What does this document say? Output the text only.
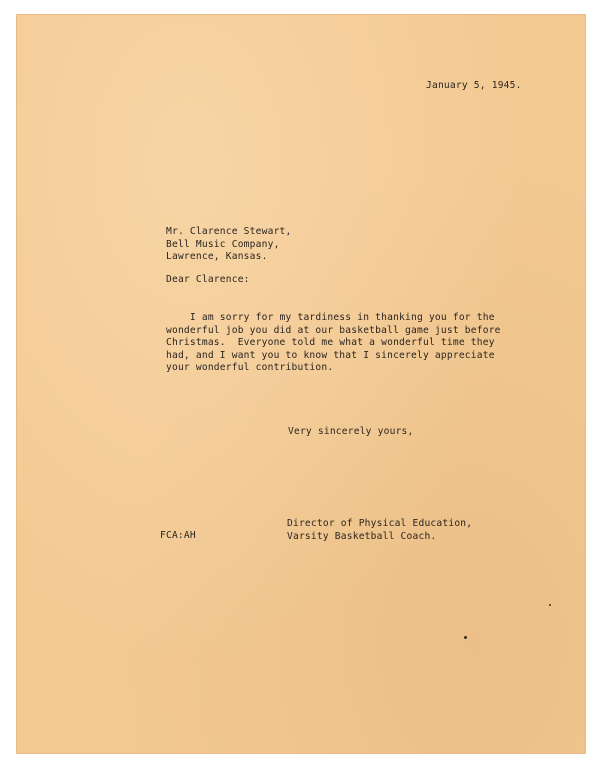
January 5, 1945.
Mr. Clarence Stewart,
Bell Music Company,
Lawrence, Kansas.
Dear Clarence:
I am sorry for my tardiness in thanking you for the
wonderful job you did at our basketball game just before
Christmas.  Everyone told me what a wonderful time they
had, and I want you to know that I sincerely appreciate
your wonderful contribution.
Very sincerely yours,
Director of Physical Education,
Varsity Basketball Coach.
FCA:AH
